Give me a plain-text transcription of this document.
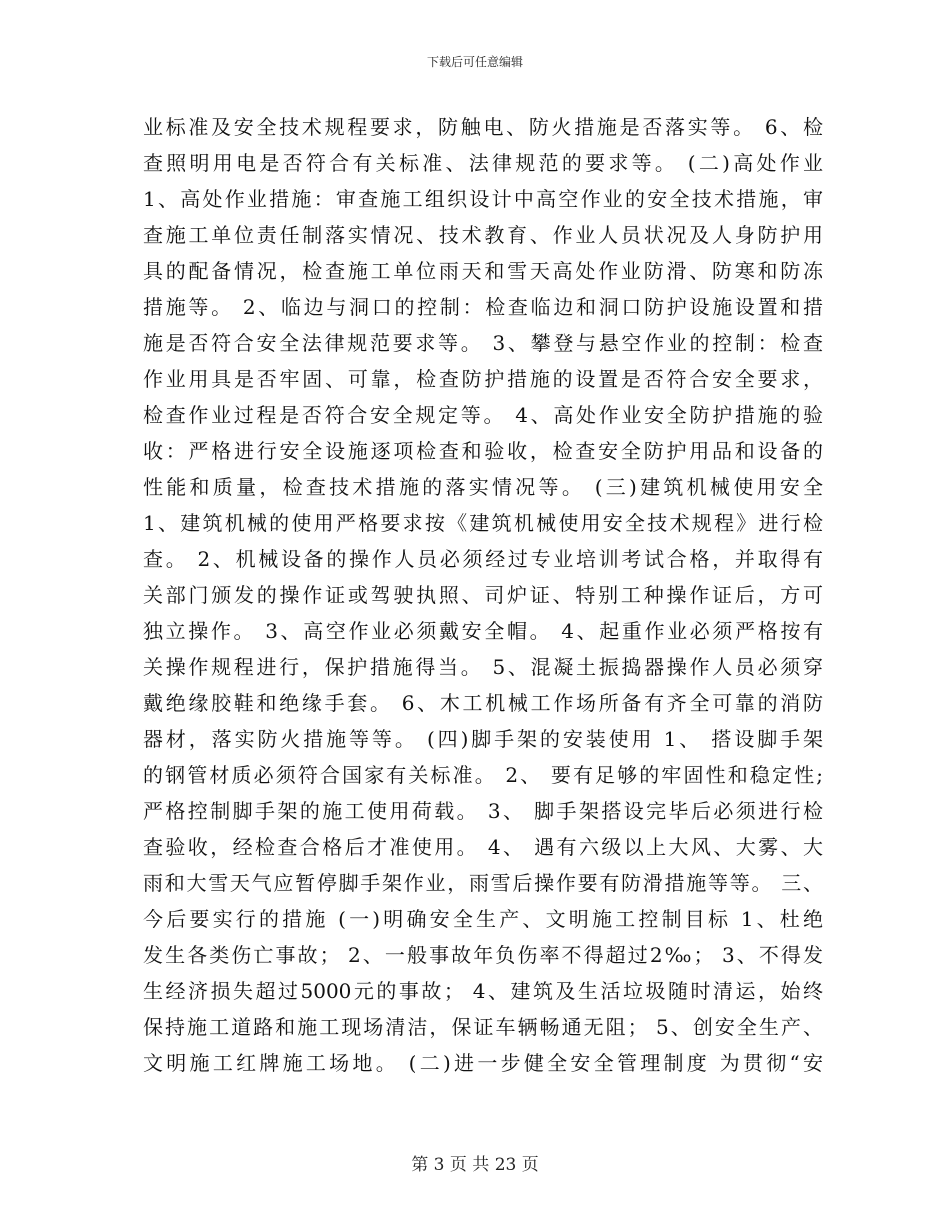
下载后可任意编辑
业标准及安全技术规程要求，防触电、防火措施是否落实等。 6、检
查照明用电是否符合有关标准、法律规范的要求等。 (二)高处作业
1、高处作业措施：审查施工组织设计中高空作业的安全技术措施，审
查施工单位责任制落实情况、技术教育、作业人员状况及人身防护用
具的配备情况，检查施工单位雨天和雪天高处作业防滑、防寒和防冻
措施等。 2、临边与洞口的控制：检查临边和洞口防护设施设置和措
施是否符合安全法律规范要求等。 3、攀登与悬空作业的控制：检查
作业用具是否牢固、可靠，检查防护措施的设置是否符合安全要求，
检查作业过程是否符合安全规定等。 4、高处作业安全防护措施的验
收：严格进行安全设施逐项检查和验收，检查安全防护用品和设备的
性能和质量，检查技术措施的落实情况等。 (三)建筑机械使用安全
1、建筑机械的使用严格要求按《建筑机械使用安全技术规程》进行检
查。 2、机械设备的操作人员必须经过专业培训考试合格，并取得有
关部门颁发的操作证或驾驶执照、司炉证、特别工种操作证后，方可
独立操作。 3、高空作业必须戴安全帽。 4、起重作业必须严格按有
关操作规程进行，保护措施得当。 5、混凝土振捣器操作人员必须穿
戴绝缘胶鞋和绝缘手套。 6、木工机械工作场所备有齐全可靠的消防
器材，落实防火措施等等。 (四)脚手架的安装使用 1、 搭设脚手架
的钢管材质必须符合国家有关标准。 2、 要有足够的牢固性和稳定性;
严格控制脚手架的施工使用荷载。 3、 脚手架搭设完毕后必须进行检
查验收，经检查合格后才准使用。 4、 遇有六级以上大风、大雾、大
雨和大雪天气应暂停脚手架作业，雨雪后操作要有防滑措施等等。 三、
今后要实行的措施 (一)明确安全生产、文明施工控制目标 1、杜绝
发生各类伤亡事故； 2、一般事故年负伤率不得超过2‰； 3、不得发
生经济损失超过5000元的事故； 4、建筑及生活垃圾随时清运，始终
保持施工道路和施工现场清洁，保证车辆畅通无阻； 5、创安全生产、
文明施工红牌施工场地。 (二)进一步健全安全管理制度 为贯彻“安
第 3 页 共 23 页
